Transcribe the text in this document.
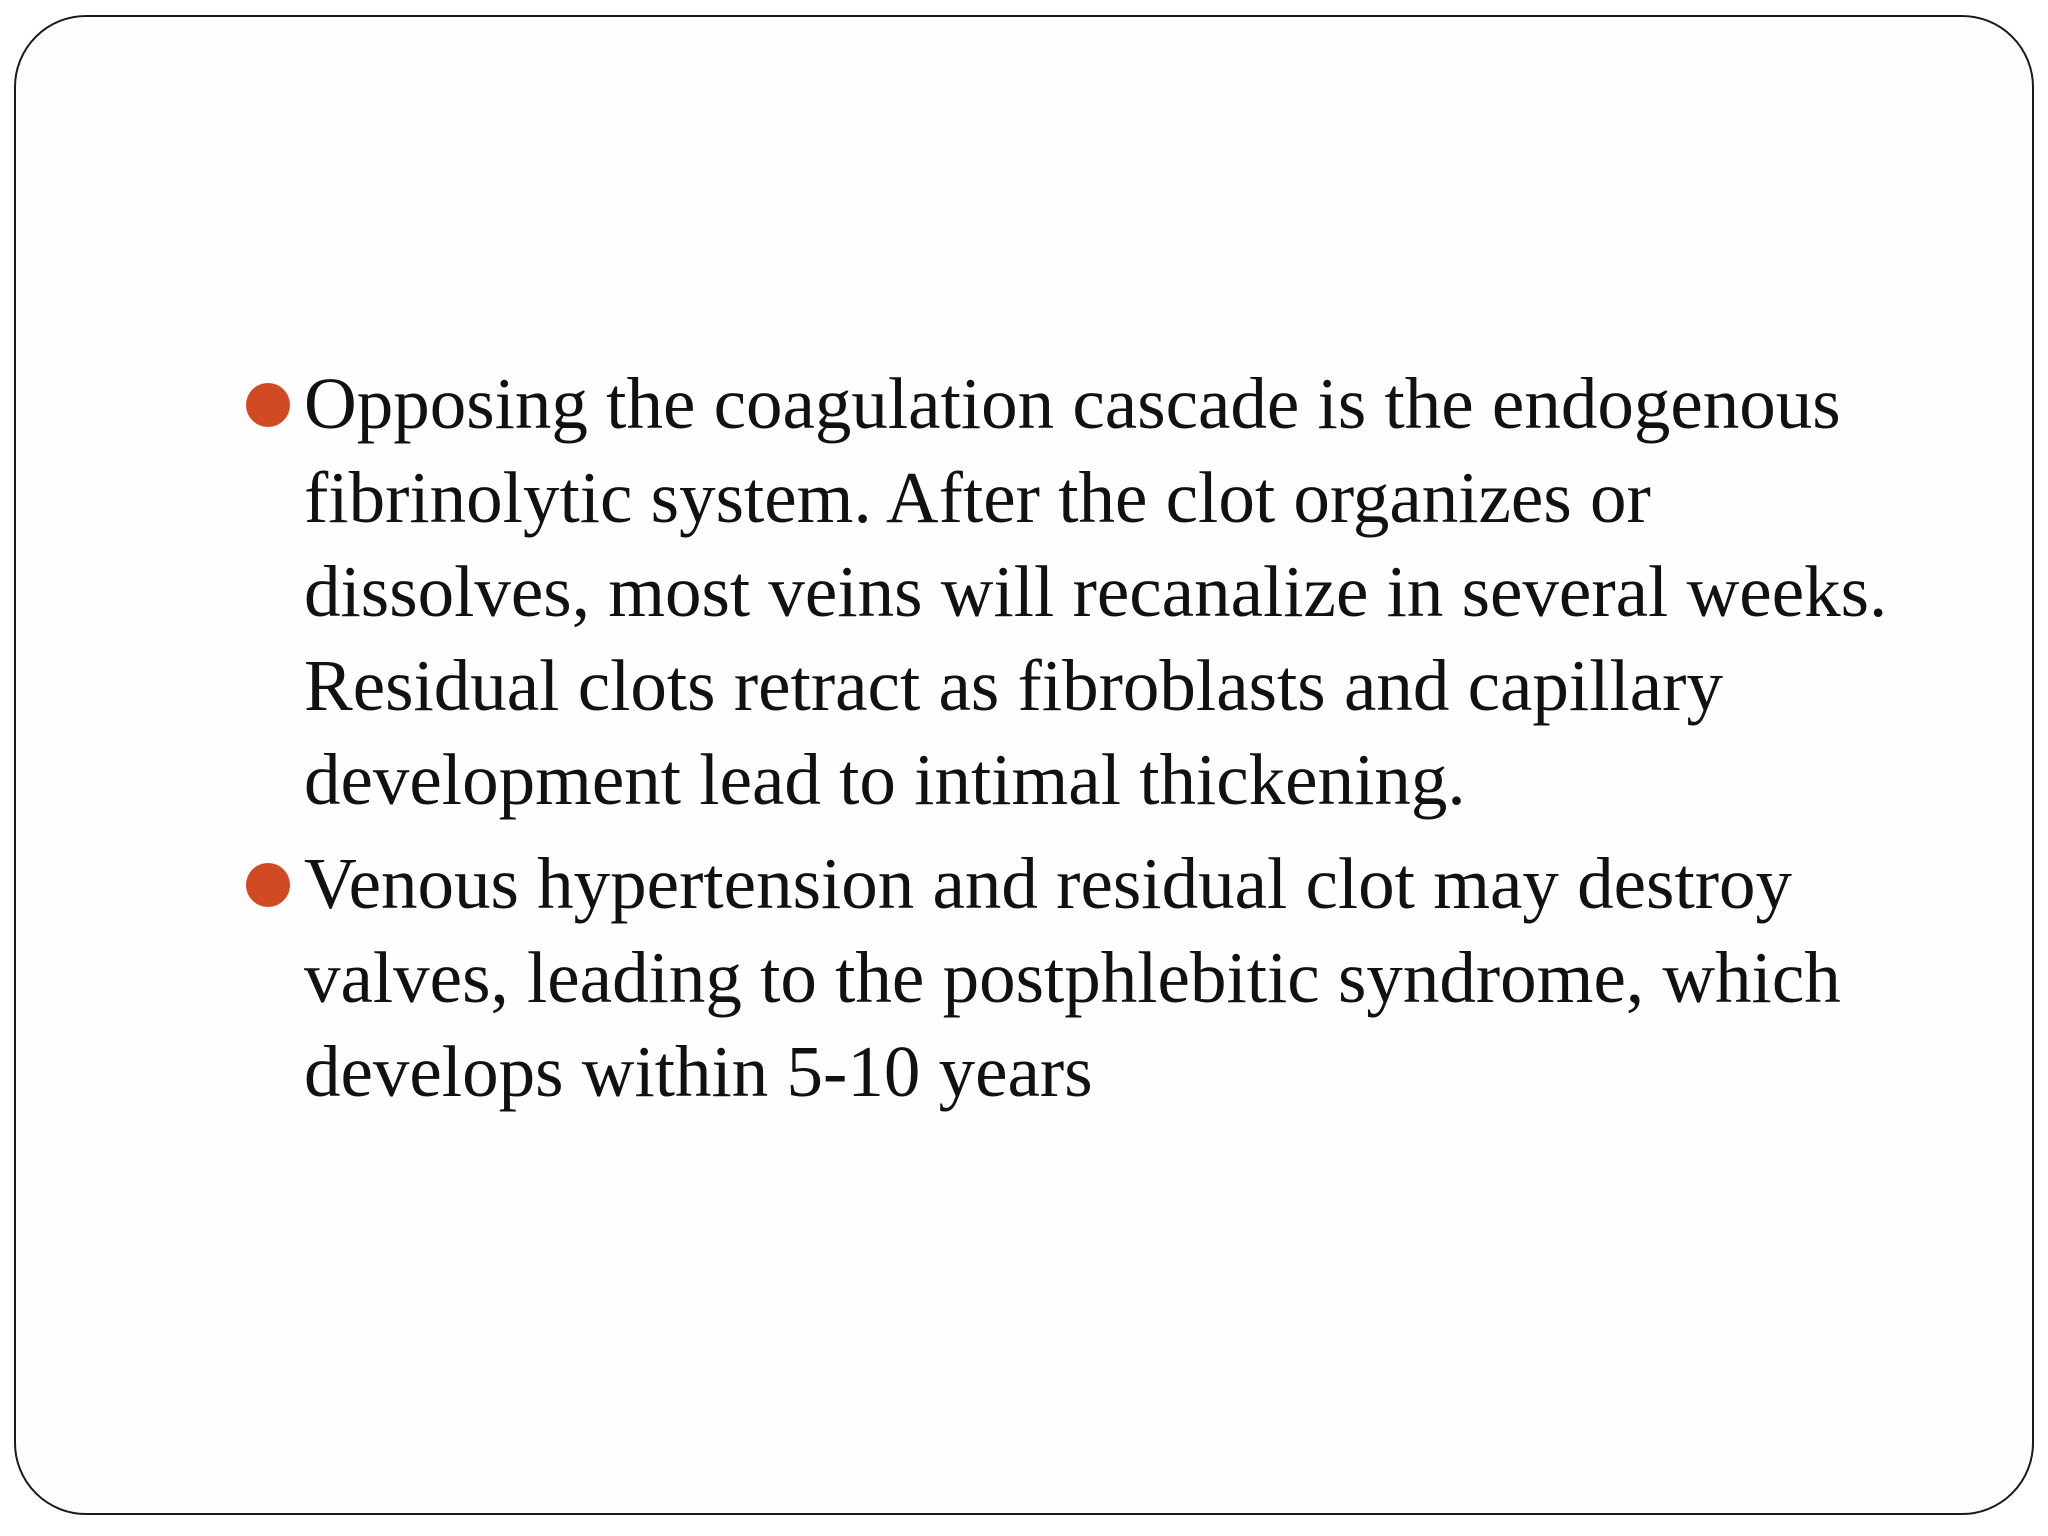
Opposing the coagulation cascade is the endogenous fibrinolytic system. After the clot organizes or dissolves, most veins will recanalize in several weeks. Residual clots retract as fibroblasts and capillary development lead to intimal thickening.
Venous hypertension and residual clot may destroy valves, leading to the postphlebitic syndrome, which develops within 5-10 years
